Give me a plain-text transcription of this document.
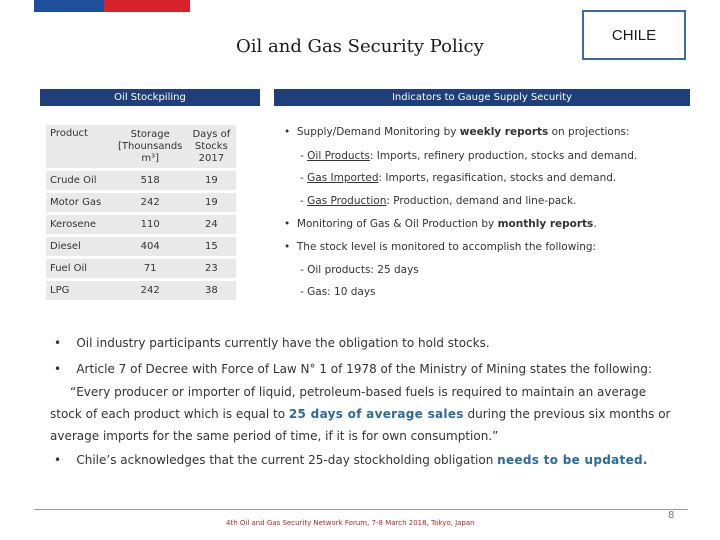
Oil and Gas Security Policy
CHILE
Oil Stockpiling	Indicators to Gauge Supply Security
Product	Storage [Thounsands m³]	Days of Stocks 2017
Crude Oil	518	19
Motor Gas	242	19
Kerosene	110	24
Diesel	404	15
Fuel Oil	71	23
LPG	242	38
• Supply/Demand Monitoring by weekly reports on projections:
- Oil Products: Imports, refinery production, stocks and demand.
- Gas Imported: Imports, regasification, stocks and demand.
- Gas Production: Production, demand and line-pack.
• Monitoring of Gas & Oil Production by monthly reports.
• The stock level is monitored to accomplish the following:
- Oil products: 25 days
- Gas: 10 days
• Oil industry participants currently have the obligation to hold stocks.
• Article 7 of Decree with Force of Law N° 1 of 1978 of the Ministry of Mining states the following:
“Every producer or importer of liquid, petroleum-based fuels is required to maintain an average
stock of each product which is equal to 25 days of average sales during the previous six months or
average imports for the same period of time, if it is for own consumption.”
• Chile’s acknowledges that the current 25-day stockholding obligation needs to be updated.
4th Oil and Gas Security Network Forum, 7-8 March 2018, Tokyo, Japan
8
